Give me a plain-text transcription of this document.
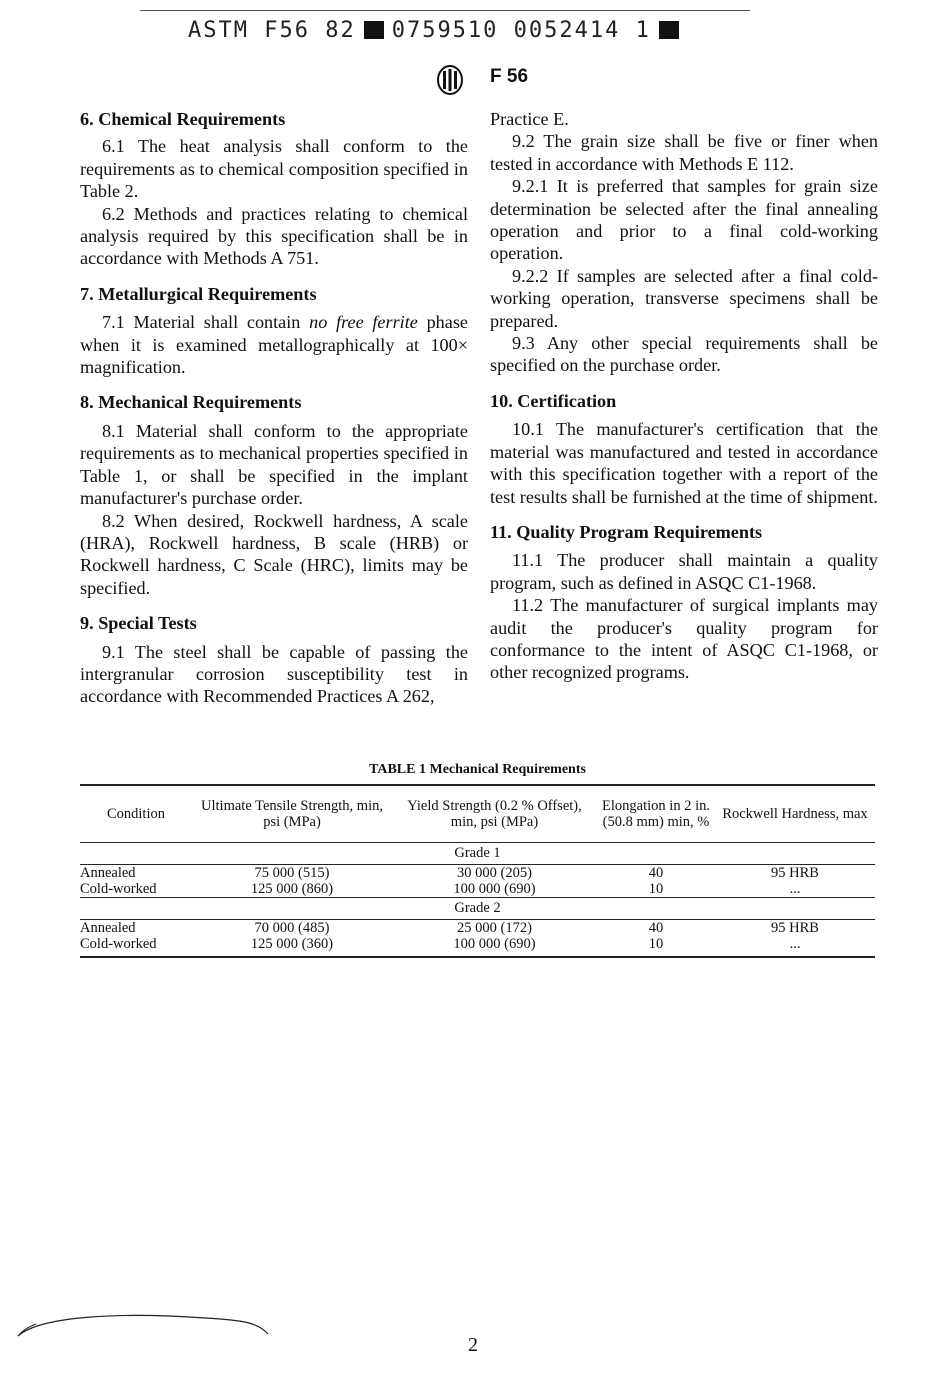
ASTM F56 82 0759510 0052414 1
F 56
6. Chemical Requirements

6.1 The heat analysis shall conform to the requirements as to chemical composition specified in Table 2.

6.2 Methods and practices relating to chemical analysis required by this specification shall be in accordance with Methods A 751.

7. Metallurgical Requirements

7.1 Material shall contain no free ferrite phase when it is examined metallographically at 100× magnification.

8. Mechanical Requirements

8.1 Material shall conform to the appropriate requirements as to mechanical properties specified in Table 1, or shall be specified in the implant manufacturer's purchase order.

8.2 When desired, Rockwell hardness, A scale (HRA), Rockwell hardness, B scale (HRB) or Rockwell hardness, C Scale (HRC), limits may be specified.

9. Special Tests

9.1 The steel shall be capable of passing the intergranular corrosion susceptibility test in accordance with Recommended Practices A 262,

Practice E.

9.2 The grain size shall be five or finer when tested in accordance with Methods E 112.

9.2.1 It is preferred that samples for grain size determination be selected after the final annealing operation and prior to a final cold-working operation.

9.2.2 If samples are selected after a final cold-working operation, transverse specimens shall be prepared.

9.3 Any other special requirements shall be specified on the purchase order.

10. Certification

10.1 The manufacturer's certification that the material was manufactured and tested in accordance with this specification together with a report of the test results shall be furnished at the time of shipment.

11. Quality Program Requirements

11.1 The producer shall maintain a quality program, such as defined in ASQC C1-1968.

11.2 The manufacturer of surgical implants may audit the producer's quality program for conformance to the intent of ASQC C1-1968, or other recognized programs.

TABLE 1 Mechanical Requirements
Condition	Ultimate Tensile Strength, min, psi (MPa)	Yield Strength (0.2 % Offset), min, psi (MPa)	Elongation in 2 in. (50.8 mm) min, %	Rockwell Hardness, max
Grade 1				
Annealed	75 000 (515)	30 000 (205)	40	95 HRB
Cold-worked	125 000 (860)	100 000 (690)	10	...
Grade 2				
Annealed	70 000 (485)	25 000 (172)	40	95 HRB
Cold-worked	125 000 (360)	100 000 (690)	10	...
2
